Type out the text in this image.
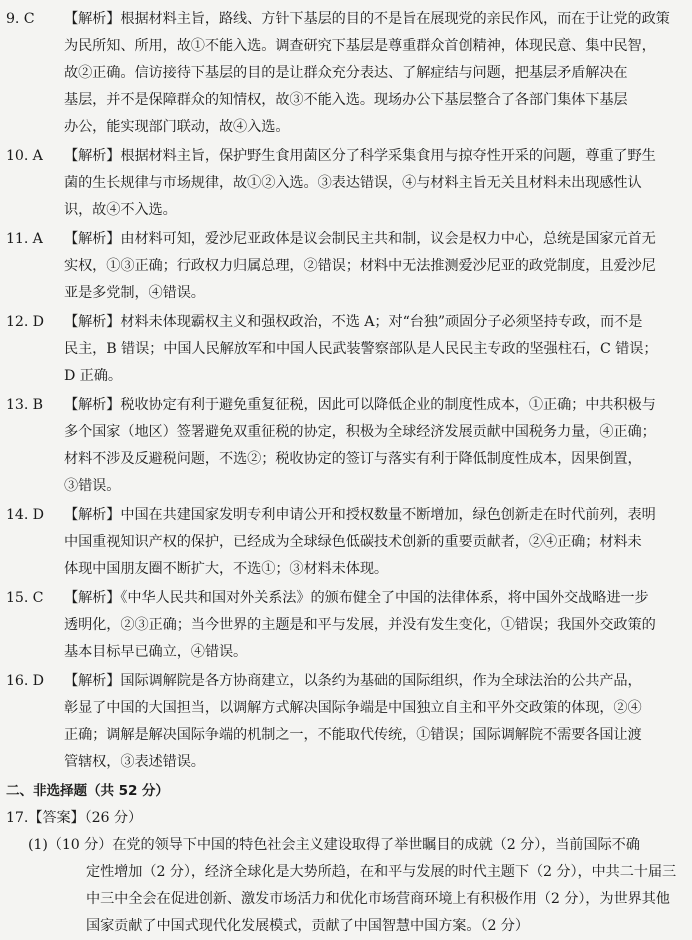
9. C 【解析】根据材料主旨，路线、方针下基层的目的不是旨在展现党的亲民作风，而在于让党的政策
为民所知、所用，故①不能入选。调查研究下基层是尊重群众首创精神，体现民意、集中民智，
故②正确。信访接待下基层的目的是让群众充分表达、了解症结与问题，把基层矛盾解决在
基层，并不是保障群众的知情权，故③不能入选。现场办公下基层整合了各部门集体下基层
办公，能实现部门联动，故④入选。
10. A 【解析】根据材料主旨，保护野生食用菌区分了科学采集食用与掠夺性开采的问题，尊重了野生
菌的生长规律与市场规律，故①②入选。③表达错误，④与材料主旨无关且材料未出现感性认
识，故④不入选。
11. A 【解析】由材料可知，爱沙尼亚政体是议会制民主共和制，议会是权力中心，总统是国家元首无
实权，①③正确；行政权力归属总理，②错误；材料中无法推测爱沙尼亚的政党制度，且爱沙尼
亚是多党制，④错误。
12. D 【解析】材料未体现霸权主义和强权政治，不选 A；对“台独”顽固分子必须坚持专政，而不是
民主，B 错误；中国人民解放军和中国人民武装警察部队是人民民主专政的坚强柱石，C 错误；
D 正确。
13. B 【解析】税收协定有利于避免重复征税，因此可以降低企业的制度性成本，①正确；中共积极与
多个国家（地区）签署避免双重征税的协定，积极为全球经济发展贡献中国税务力量，④正确；
材料不涉及反避税问题，不选②；税收协定的签订与落实有利于降低制度性成本，因果倒置，
③错误。
14. D 【解析】中国在共建国家发明专利申请公开和授权数量不断增加，绿色创新走在时代前列，表明
中国重视知识产权的保护，已经成为全球绿色低碳技术创新的重要贡献者，②④正确；材料未
体现中国朋友圈不断扩大，不选①；③材料未体现。
15. C 【解析】《中华人民共和国对外关系法》的颁布健全了中国的法律体系，将中国外交战略进一步
透明化，②③正确；当今世界的主题是和平与发展，并没有发生变化，①错误；我国外交政策的
基本目标早已确立，④错误。
16. D 【解析】国际调解院是各方协商建立，以条约为基础的国际组织，作为全球法治的公共产品，
彰显了中国的大国担当，以调解方式解决国际争端是中国独立自主和平外交政策的体现，②④
正确；调解是解决国际争端的机制之一，不能取代传统，①错误；国际调解院不需要各国让渡
管辖权，③表述错误。
二、非选择题（共 52 分）
17.【答案】（26 分）
(1)（10 分）在党的领导下中国的特色社会主义建设取得了举世瞩目的成就（2 分），当前国际不确
定性增加（2 分），经济全球化是大势所趋，在和平与发展的时代主题下（2 分），中共二十届三
中三中全会在促进创新、激发市场活力和优化市场营商环境上有积极作用（2 分），为世界其他
国家贡献了中国式现代化发展模式，贡献了中国智慧中国方案。（2 分）
